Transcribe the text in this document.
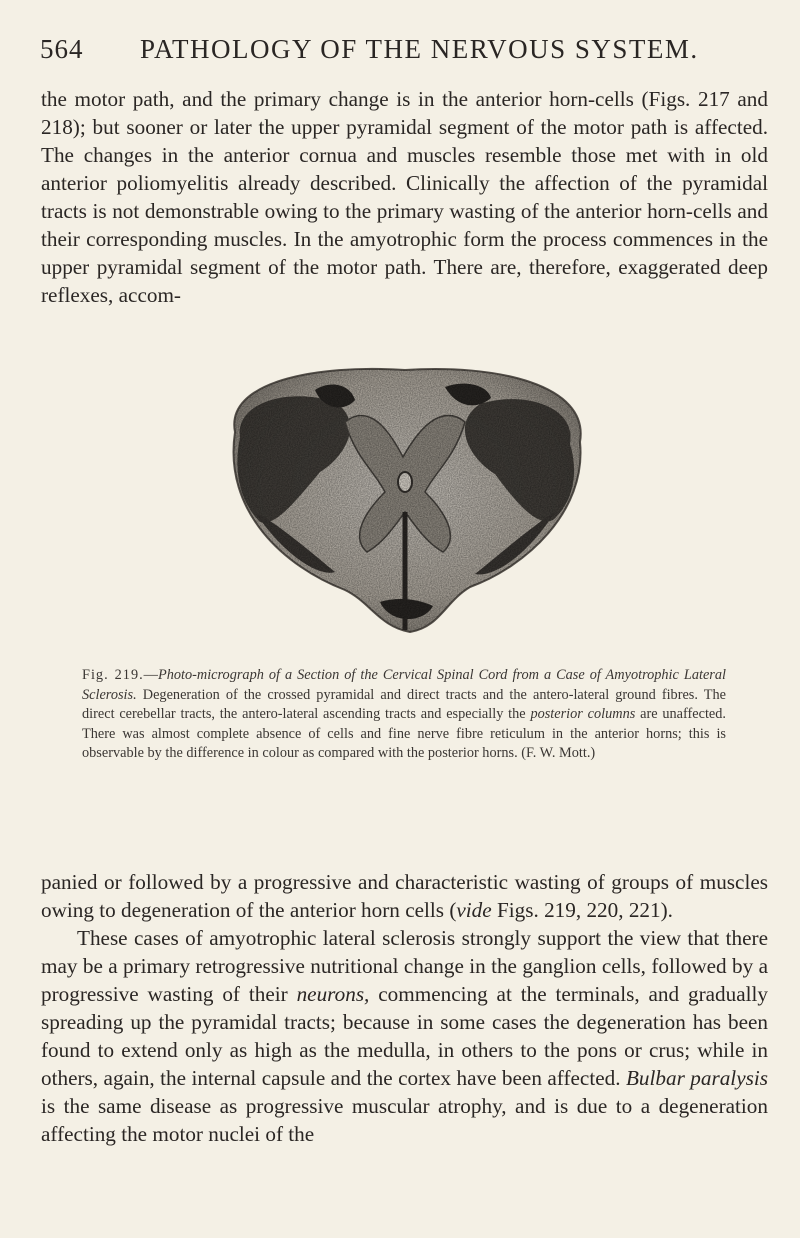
564 PATHOLOGY OF THE NERVOUS SYSTEM.

the motor path, and the primary change is in the anterior horn-cells (Figs. 217 and 218); but sooner or later the upper pyramidal segment of the motor path is affected. The changes in the anterior cornua and muscles resemble those met with in old anterior poliomyelitis already described. Clinically the affection of the pyramidal tracts is not demonstrable owing to the primary wasting of the anterior horn-cells and their corresponding muscles. In the amyotrophic form the process commences in the upper pyramidal segment of the motor path. There are, therefore, exaggerated deep reflexes, accom-

Fig. 219.—Photo-micrograph of a Section of the Cervical Spinal Cord from a Case of Amyotrophic Lateral Sclerosis. Degeneration of the crossed pyramidal and direct tracts and the antero-lateral ground fibres. The direct cerebellar tracts, the antero-lateral ascending tracts and especially the posterior columns are unaffected. There was almost complete absence of cells and fine nerve fibre reticulum in the anterior horns; this is observable by the difference in colour as compared with the posterior horns. (F. W. Mott.)

panied or followed by a progressive and characteristic wasting of groups of muscles owing to degeneration of the anterior horn cells (vide Figs. 219, 220, 221).
These cases of amyotrophic lateral sclerosis strongly support the view that there may be a primary retrogressive nutritional change in the ganglion cells, followed by a progressive wasting of their neurons, commencing at the terminals, and gradually spreading up the pyramidal tracts; because in some cases the degeneration has been found to extend only as high as the medulla, in others to the pons or crus; while in others, again, the internal capsule and the cortex have been affected. Bulbar paralysis is the same disease as progressive muscular atrophy, and is due to a degeneration affecting the motor nuclei of the
